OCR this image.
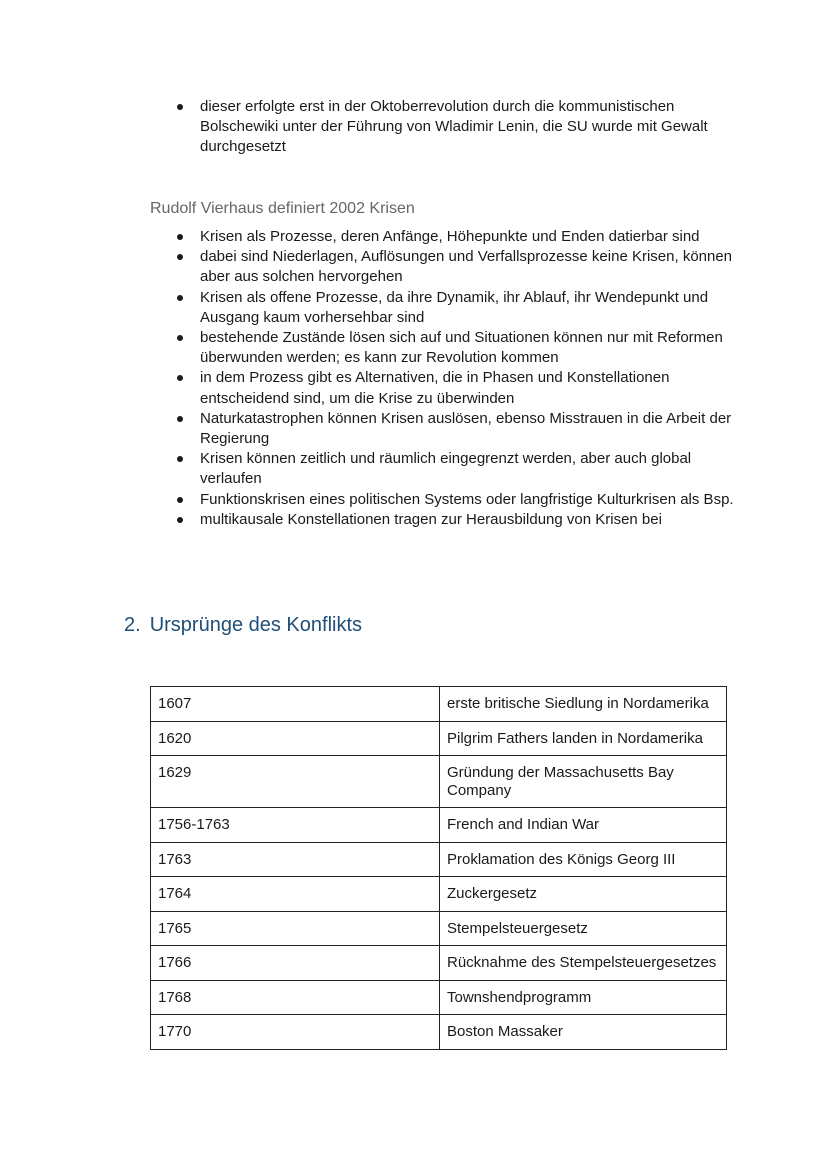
dieser erfolgte erst in der Oktoberrevolution durch die kommunistischen Bolschewiki unter der Führung von Wladimir Lenin, die SU wurde mit Gewalt durchgesetzt
Rudolf Vierhaus definiert 2002 Krisen
Krisen als Prozesse, deren Anfänge, Höhepunkte und Enden datierbar sind
dabei sind Niederlagen, Auflösungen und Verfallsprozesse keine Krisen, können aber aus solchen hervorgehen
Krisen als offene Prozesse, da ihre Dynamik, ihr Ablauf, ihr Wendepunkt und Ausgang kaum vorhersehbar sind
bestehende Zustände lösen sich auf und Situationen können nur mit Reformen überwunden werden; es kann zur Revolution kommen
in dem Prozess gibt es Alternativen, die in Phasen und Konstellationen entscheidend sind, um die Krise zu überwinden
Naturkatastrophen können Krisen auslösen, ebenso Misstrauen in die Arbeit der Regierung
Krisen können zeitlich und räumlich eingegrenzt werden, aber auch global verlaufen
Funktionskrisen eines politischen Systems oder langfristige Kulturkrisen als Bsp.
multikausale Konstellationen tragen zur Herausbildung von Krisen bei
2. Ursprünge des Konflikts
1607	erste britische Siedlung in Nordamerika
1620	Pilgrim Fathers landen in Nordamerika
1629	Gründung der Massachusetts Bay Company
1756-1763	French and Indian War
1763	Proklamation des Königs Georg III
1764	Zuckergesetz
1765	Stempelsteuergesetz
1766	Rücknahme des Stempelsteuergesetzes
1768	Townshendprogramm
1770	Boston Massaker
